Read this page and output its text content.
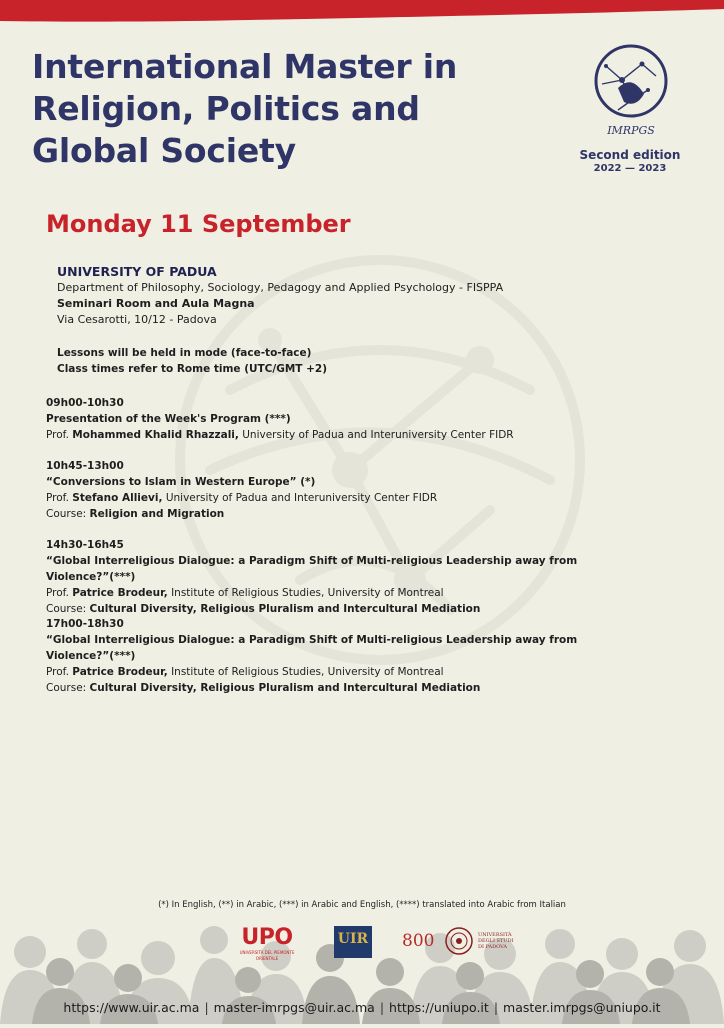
International Master in
Religion, Politics and
Global Society
IMRPGS
Second edition
2022 — 2023
Monday 11 September
UNIVERSITY OF PADUA
Department of Philosophy, Sociology, Pedagogy and Applied Psychology - FISPPA
Seminari Room and Aula Magna
Via Cesarotti, 10/12 - Padova
Lessons will be held in mode (face-to-face)
Class times refer to Rome time (UTC/GMT +2)
09h00-10h30
Presentation of the Week's Program (***)
Prof. Mohammed Khalid Rhazzali, University of Padua and Interuniversity Center FIDR
10h45-13h00
“Conversions to Islam in Western Europe” (*)
Prof. Stefano Allievi, University of Padua and Interuniversity Center FIDR
Course: Religion and Migration
14h30-16h45
“Global Interreligious Dialogue: a Paradigm Shift of Multi-religious Leadership away from Violence?”(***)
Prof. Patrice Brodeur, Institute of Religious Studies, University of Montreal
Course: Cultural Diversity, Religious Pluralism and Intercultural Mediation
17h00-18h30
“Global Interreligious Dialogue: a Paradigm Shift of Multi-religious Leadership away from Violence?”(***)
Prof. Patrice Brodeur, Institute of Religious Studies, University of Montreal
Course: Cultural Diversity, Religious Pluralism and Intercultural Mediation
(*) In English, (**) in Arabic, (***) in Arabic and English, (****) translated into Arabic from Italian
UPO
UNIVERSITÀ DEL PIEMONTE ORIENTALE
UIR 800	UNIVERSITÀ DEGLI STUDI DI PADOVA
https://www.uir.ac.ma | master-imrpgs@uir.ac.ma | https://uniupo.it | master.imrpgs@uniupo.it
